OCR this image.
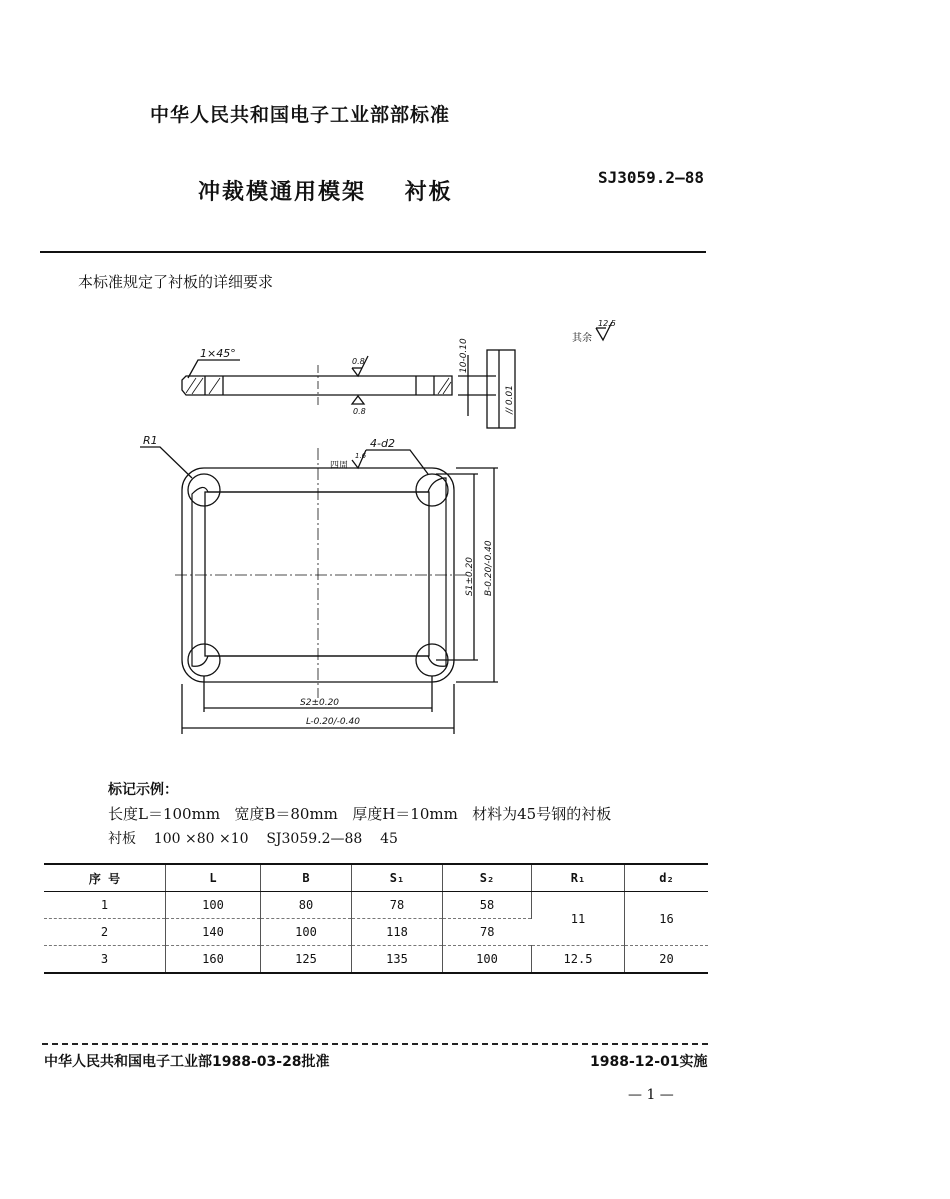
中华人民共和国电子工业部部标准
冲裁模通用模架    衬板
SJ3059.2—88
本标准规定了衬板的详细要求
其余
12.5
1×45°
0.8
0.8
10-0.10
// 0.01
R1	4-d2
四周
1.6
S1±0.20 B-0.20/-0.40
S2±0.20
L-0.20/-0.40
标记示例：
长度L＝100mm   宽度B＝80mm   厚度H＝10mm   材料为45号钢的衬板
衬板    100 ×80 ×10    SJ3059.2—88    45
序 号	L	B	S₁	S₂	R₁	d₂
1	100	80	78	58	11	16
2	140	100	118	78		
3	160	125	135	100	12.5	20
中华人民共和国电子工业部1988-03-28批准	1988-12-01实施
— 1 —
